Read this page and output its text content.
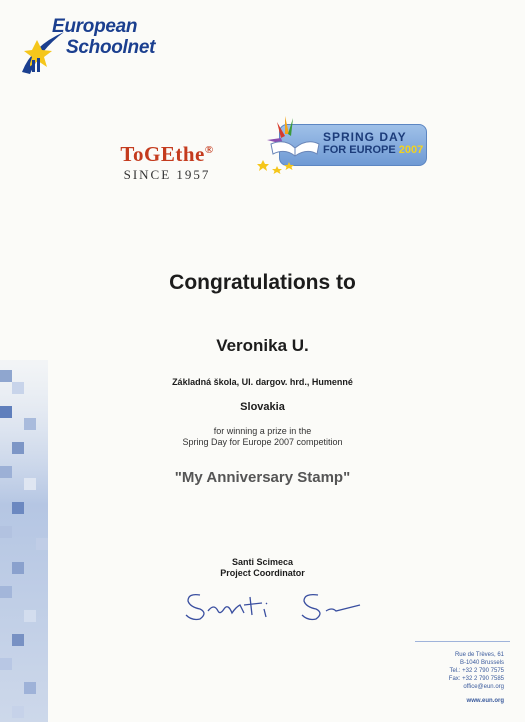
European
Schoolnet
ToGEthe®
SINCE 1957
SPRING DAY
FOR EUROPE 2007
Congratulations to
Veronika U.
Základná škola, Ul. dargov. hrd., Humenné
Slovakia
for winning a prize in the
Spring Day for Europe 2007 competition
"My Anniversary Stamp"
Santi Scimeca
Project Coordinator
Rue de Trèves, 61
B-1040 Brussels
Tel.: +32 2 790 7575
Fax: +32 2 790 7585
office@eun.org
www.eun.org
